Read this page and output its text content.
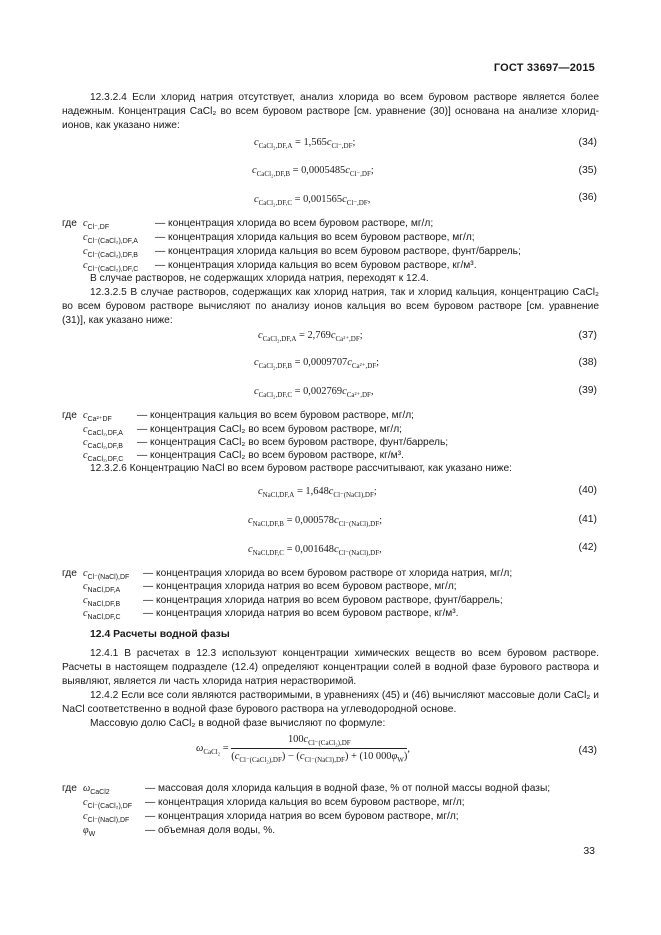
ГОСТ 33697—2015
12.3.2.4 Если хлорид натрия отсутствует, анализ хлорида во всем буровом растворе является более надежным. Концентрация CaCl₂ во всем буровом растворе [см. уравнение (30)] основана на анализе хлорид-ионов, как указано ниже:
$c_{CaCl_2,DF,A} = 1,565c_{Cl^-,DF}$;	(34)
$c_{CaCl_2,DF,B} = 0,0005485c_{Cl^-,DF}$;	(35)
$c_{CaCl_2,DF,C} = 0,001565c_{Cl^-,DF}$,	(36)
где $c_{Cl^-,DF}$	— концентрация хлорида во всем буровом растворе, мг/л;
$c_{Cl^-(CaCl_2),DF,A}$ — концентрация хлорида кальция во всем буровом растворе, мг/л;
$c_{Cl^-(CaCl_2),DF,B}$ — концентрация хлорида кальция во всем буровом растворе, фунт/баррель;
$c_{Cl^-(CaCl_2),DF,C}$ — концентрация хлорида кальция во всем буровом растворе, кг/м³.
В случае растворов, не содержащих хлорида натрия, переходят к 12.4.
12.3.2.5 В случае растворов, содержащих как хлорид натрия, так и хлорид кальция, концентрацию CaCl₂ во всем буровом растворе вычисляют по анализу ионов кальция во всем буровом растворе [см. уравнение (31)], как указано ниже:
$c_{CaCl_2,DF,A} = 2,769c_{Ca^{2+},DF}$;	(37)
$c_{CaCl_2,DF,B} = 0,0009707c_{Ca^{2+},DF}$;	(38)
$c_{CaCl_2,DF,C} = 0,002769c_{Ca^{2+},DF}$,	(39)
где $c_{Ca^{2+}DF}$ — концентрация кальция во всем буровом растворе, мг/л;
$c_{CaCl_2,DF,A}$ — концентрация CaCl₂ во всем буровом растворе, мг/л;
$c_{CaCl_2,DF,B}$ — концентрация CaCl₂ во всем буровом растворе, фунт/баррель;
$c_{CaCl_2,DF,C}$ — концентрация CaCl₂ во всем буровом растворе, кг/м³.
12.3.2.6 Концентрацию NaCl во всем буровом растворе рассчитывают, как указано ниже:
$c_{NaCl,DF,A} = 1,648c_{Cl^-(NaCl),DF}$;	(40)
$c_{NaCl,DF,B} = 0,000578c_{Cl^-(NaCl),DF}$;	(41)
$c_{NaCl,DF,C} = 0,001648c_{Cl^-(NaCl),DF}$,	(42)
где $c_{Cl^-(NaCl),DF}$ — концентрация хлорида во всем буровом растворе от хлорида натрия, мг/л;
$c_{NaCl,DF,A}$ — концентрация хлорида натрия во всем буровом растворе, мг/л;
$c_{NaCl,DF,B}$ — концентрация хлорида натрия во всем буровом растворе, фунт/баррель;
$c_{NaCl,DF,C}$ — концентрация хлорида натрия во всем буровом растворе, кг/м³.
12.4 Расчеты водной фазы
12.4.1 В расчетах в 12.3 используют концентрации химических веществ во всем буровом растворе. Расчеты в настоящем подразделе (12.4) определяют концентрации солей в водной фазе бурового раствора и выявляют, является ли часть хлорида натрия нерастворимой.
12.4.2 Если все соли являются растворимыми, в уравнениях (45) и (46) вычисляют массовые доли CaCl₂ и NaCl соответственно в водной фазе бурового раствора на углеводородной основе.
Массовую долю CaCl₂ в водной фазе вычисляют по формуле:
$\omega_{CaCl_2} = \frac{100c_{Cl^-(CaCl_2),DF}}{(c_{Cl^-(CaCl_2),DF}) - (c_{Cl^-(NaCl),DF}) + (10 000\varphi_W)}$ ,	(43)
где $\omega_{CaCl2}$	— массовая доля хлорида кальция в водной фазе, % от полной массы водной фазы;
$c_{Cl^-(CaCl_2),DF}$ — концентрация хлорида кальция во всем буровом растворе, мг/л;
$c_{Cl^-(NaCl),DF}$ — концентрация хлорида натрия во всем буровом растворе, мг/л;
$\varphi_W$	— объемная доля воды, %.
33
